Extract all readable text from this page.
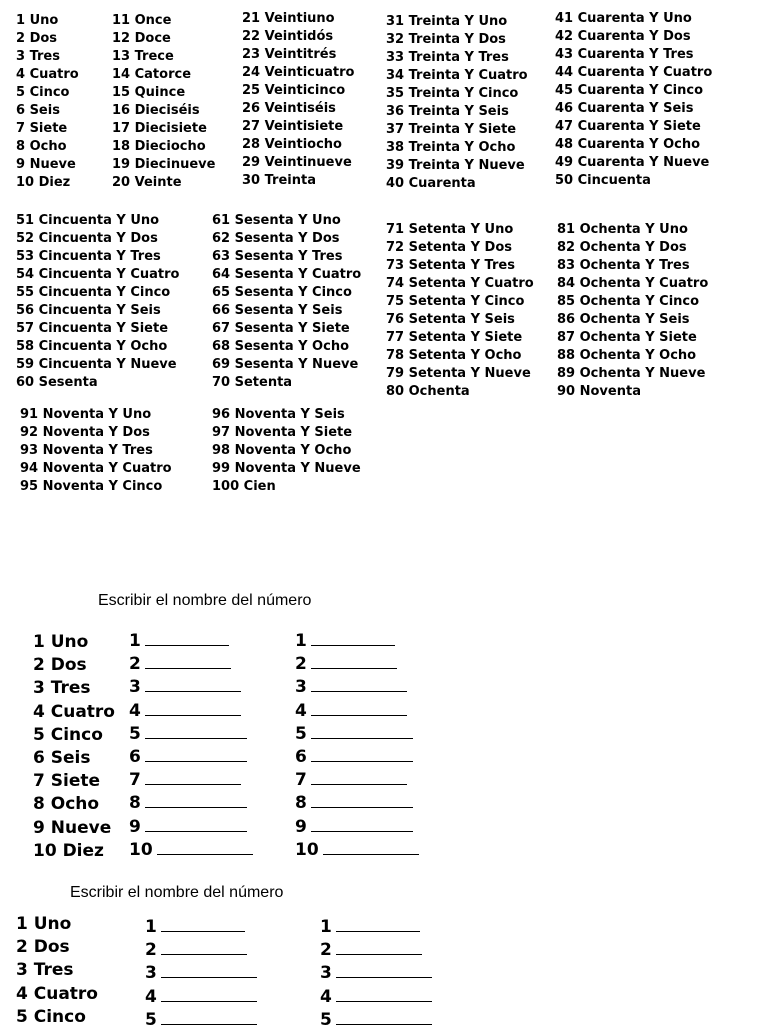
1 Uno
2 Dos
3 Tres
4 Cuatro
5 Cinco
6 Seis
7 Siete
8 Ocho
9 Nueve
10 Diez
11 Once
12 Doce
13 Trece
14 Catorce
15 Quince
16 Dieciséis
17 Diecisiete
18 Dieciocho
19 Diecinueve
20 Veinte
21 Veintiuno
22 Veintidós
23 Veintitrés
24 Veinticuatro
25 Veinticinco
26 Veintiséis
27 Veintisiete
28 Veintiocho
29 Veintinueve
30 Treinta
31 Treinta Y Uno
32 Treinta Y Dos
33 Treinta Y Tres
34 Treinta Y Cuatro
35 Treinta Y Cinco
36 Treinta Y Seis
37 Treinta Y Siete
38 Treinta Y Ocho
39 Treinta Y Nueve
40 Cuarenta
41 Cuarenta Y Uno
42 Cuarenta Y Dos
43 Cuarenta Y Tres
44 Cuarenta Y Cuatro
45 Cuarenta Y Cinco
46 Cuarenta Y Seis
47 Cuarenta Y Siete
48 Cuarenta Y Ocho
49 Cuarenta Y Nueve
50 Cincuenta
51 Cincuenta Y Uno
52 Cincuenta Y Dos
53 Cincuenta Y Tres
54 Cincuenta Y Cuatro
55 Cincuenta Y Cinco
56 Cincuenta Y Seis
57 Cincuenta Y Siete
58 Cincuenta Y Ocho
59 Cincuenta Y Nueve
60 Sesenta
61 Sesenta Y Uno
62 Sesenta Y Dos
63 Sesenta Y Tres
64 Sesenta Y Cuatro
65 Sesenta Y Cinco
66 Sesenta Y Seis
67 Sesenta Y Siete
68 Sesenta Y Ocho
69 Sesenta Y Nueve
70 Setenta
71 Setenta Y Uno
72 Setenta Y Dos
73 Setenta Y Tres
74 Setenta Y Cuatro
75 Setenta Y Cinco
76 Setenta Y Seis
77 Setenta Y Siete
78 Setenta Y Ocho
79 Setenta Y Nueve
80 Ochenta
81 Ochenta Y Uno
82 Ochenta Y Dos
83 Ochenta Y Tres
84 Ochenta Y Cuatro
85 Ochenta Y Cinco
86 Ochenta Y Seis
87 Ochenta Y Siete
88 Ochenta Y Ocho
89 Ochenta Y Nueve
90 Noventa
91 Noventa Y Uno
92 Noventa Y Dos
93 Noventa Y Tres
94 Noventa Y Cuatro
95 Noventa Y Cinco
96 Noventa Y Seis
97 Noventa Y Siete
98 Noventa Y Ocho
99 Noventa Y Nueve
100 Cien
Escribir el nombre del número
1 Uno
2 Dos
3 Tres
4 Cuatro
5 Cinco
6 Seis
7 Siete
8 Ocho
9 Nueve
10 Diez
1
2
3
4
5
6
7
8
9
10
1
2
3
4
5
6
7
8
9
10
Escribir el nombre del número
1 Uno
2 Dos
3 Tres
4 Cuatro
5 Cinco
1
2
3
4
5
1
2
3
4
5
